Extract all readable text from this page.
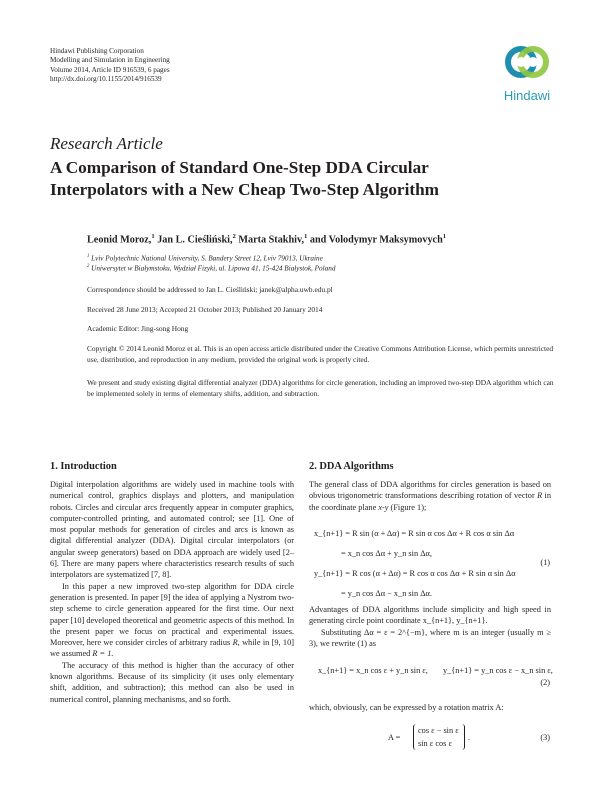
Hindawi Publishing Corporation
Modelling and Simulation in Engineering
Volume 2014, Article ID 916539, 6 pages
http://dx.doi.org/10.1155/2014/916539
Hindawi
Research Article
A Comparison of Standard One-Step DDA Circular
Interpolators with a New Cheap Two-Step Algorithm
Leonid Moroz,$^1$ Jan L. Cieśliński,$^2$ Marta Stakhiv,$^1$ and Volodymyr Maksymovych$^1$
$^1$ Lviv Polytechnic National University, S. Bandery Street 12, Lviv 79013, Ukraine
$^2$ Uniwersytet w Białymstoku, Wydział Fizyki, ul. Lipowa 41, 15-424 Białystok, Poland
Correspondence should be addressed to Jan L. Cieśliński; janek@alpha.uwb.edu.pl
Received 28 June 2013; Accepted 21 October 2013; Published 20 January 2014
Academic Editor: Jing-song Hong
Copyright © 2014 Leonid Moroz et al. This is an open access article distributed under the Creative Commons Attribution License, which permits unrestricted use, distribution, and reproduction in any medium, provided the original work is properly cited.
We present and study existing digital differential analyzer (DDA) algorithms for circle generation, including an improved two-step DDA algorithm which can be implemented solely in terms of elementary shifts, addition, and subtraction.
1. Introduction

Digital interpolation algorithms are widely used in machine tools with numerical control, graphics displays and plotters, and manipulation robots. Circles and circular arcs frequently appear in computer graphics, computer-controlled printing, and automated control; see [1]. One of most popular methods for generation of circles and arcs is known as digital differential analyzer (DDA). Digital circular interpolators (or angular sweep generators) based on DDA approach are widely used [2–6]. There are many papers where characteristics research results of such interpolators are systematized [7, 8].

In this paper a new improved two-step algorithm for DDA circle generation is presented. In paper [9] the idea of applying a Nystrom two-step scheme to circle generation appeared for the first time. Our next paper [10] developed theoretical and geometric aspects of this method. In the present paper we focus on practical and experimental issues. Moreover, here we consider circles of arbitrary radius R, while in [9, 10] we assumed R = 1.

The accuracy of this method is higher than the accuracy of other known algorithms. Because of its simplicity (it uses only elementary shift, addition, and subtraction); this method can also be used in numerical control, planning mechanisms, and so forth.

2. DDA Algorithms

The general class of DDA algorithms for circles generation is based on obvious trigonometric transformations describing rotation of vector R in the coordinate plane x-y (Figure 1);

x_{n+1} = R sin (α + Δα) = R sin α cos Δα + R cos α sin Δα
= x_n cos Δα + y_n sin Δα,
y_{n+1} = R cos (α + Δα) = R cos α cos Δα + R sin α sin Δα
= y_n cos Δα − x_n sin Δα.
(1)

Advantages of DDA algorithms include simplicity and high speed in generating circle point coordinate x_{n+1}, y_{n+1}.

Substituting Δα = ε = 2^{−m}, where m is an integer (usually m ≥ 3), we rewrite (1) as

x_{n+1} = x_n cos ε + y_n sin ε, y_{n+1} = y_n cos ε − x_n sin ε,
(2)

which, obviously, can be expressed by a rotation matrix A:

A =
cos ε − sin ε
sin ε cos ε
.	(3)
